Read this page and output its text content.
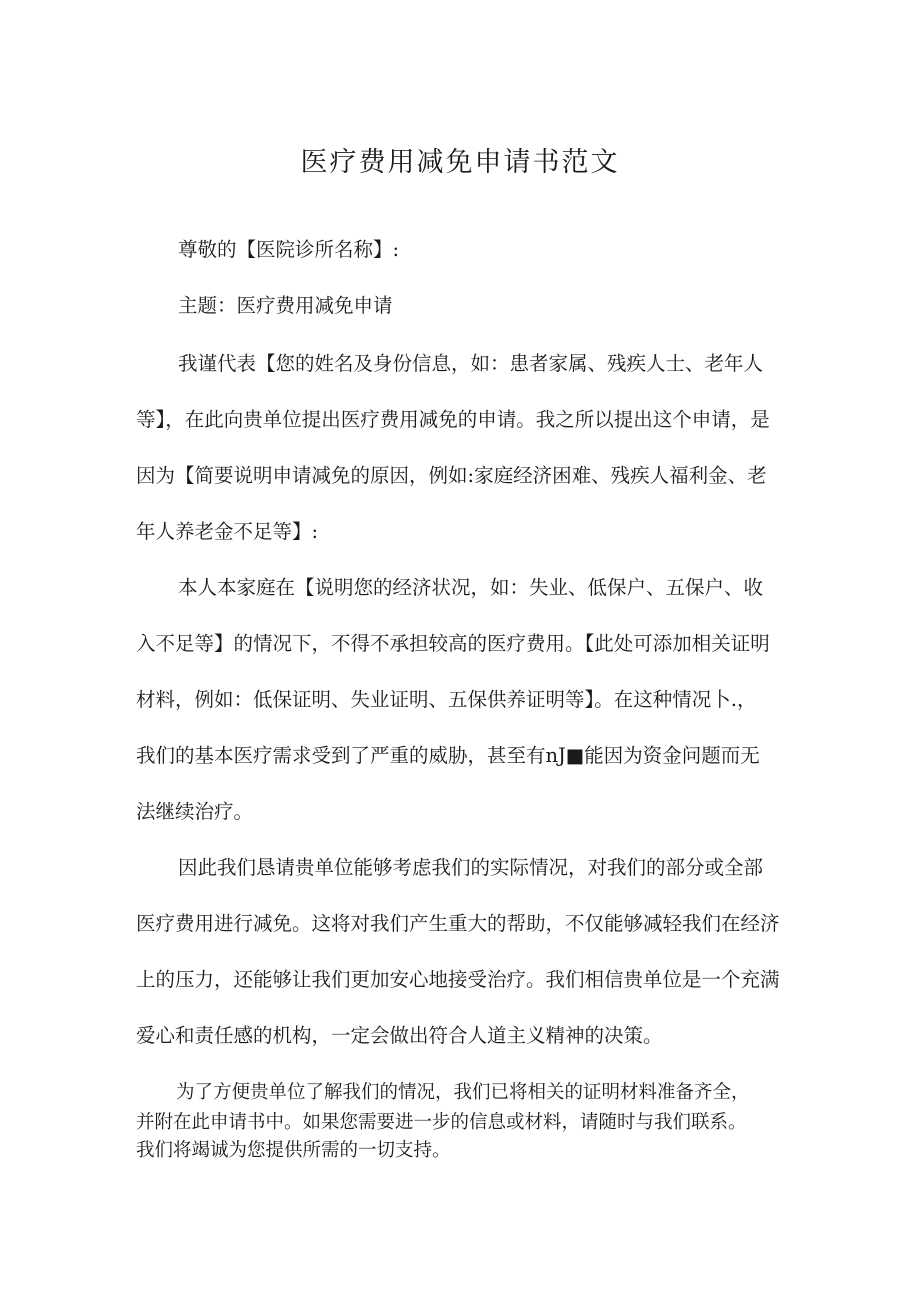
医疗费用减免申请书范文
尊敬的【医院诊所名称】:
主题：医疗费用减免申请
我谨代表【您的姓名及身份信息，如：患者家属、残疾人士、老年人
等】，在此向贵单位提出医疗费用减免的申请。我之所以提出这个申请，是
因为【简要说明申请减免的原因，例如:家庭经济困难、残疾人福利金、老
年人养老金不足等】:
本人本家庭在【说明您的经济状况，如：失业、低保户、五保户、收
入不足等】的情况下，不得不承担较高的医疗费用。【此处可添加相关证明
材料，例如：低保证明、失业证明、五保供养证明等】。在这种情况卜.，
我们的基本医疗需求受到了严重的威胁，甚至有nJ■能因为资金问题而无
法继续治疗。
因此我们恳请贵单位能够考虑我们的实际情况，对我们的部分或全部
医疗费用进行减免。这将对我们产生重大的帮助，不仅能够减轻我们在经济
上的压力，还能够让我们更加安心地接受治疗。我们相信贵单位是一个充满
爱心和责任感的机构，一定会做出符合人道主义精神的决策。
为了方便贵单位了解我们的情况，我们已将相关的证明材料准备齐全，
并附在此申请书中。如果您需要进一步的信息或材料，请随时与我们联系。
我们将竭诚为您提供所需的一切支持。
